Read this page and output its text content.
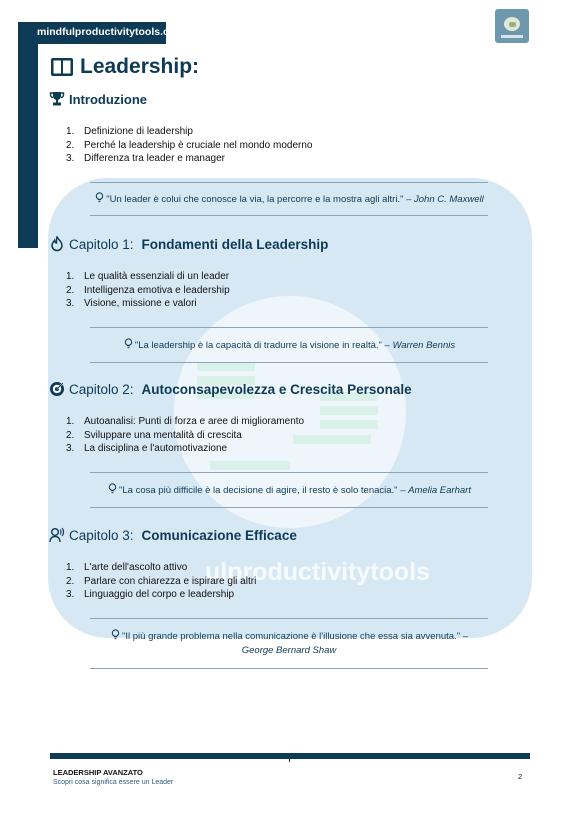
ulproductivitytools
mindfulproductivitytools.com
Leadership:
Introduzione
1. Definizione di leadership
2. Perché la leadership è cruciale nel mondo moderno
3. Differenza tra leader e manager
"Un leader è colui che conosce la via, la percorre e la mostra agli altri." – John C. Maxwell
Capitolo 1: Fondamenti della Leadership
1. Le qualità essenziali di un leader
2. Intelligenza emotiva e leadership
3. Visione, missione e valori
"La leadership è la capacità di tradurre la visione in realtà." – Warren Bennis
Capitolo 2: Autoconsapevolezza e Crescita Personale
1. Autoanalisi: Punti di forza e aree di miglioramento
2. Sviluppare una mentalità di crescita
3. La disciplina e l'automotivazione
"La cosa più difficile è la decisione di agire, il resto è solo tenacia." – Amelia Earhart
Capitolo 3: Comunicazione Efficace
1. L'arte dell'ascolto attivo
2. Parlare con chiarezza e ispirare gli altri
3. Linguaggio del corpo e leadership
"Il più grande problema nella comunicazione è l'illusione che essa sia avvenuta." –
George Bernard Shaw
LEADERSHIP AVANZATO
Scopri cosa significa essere un Leader
2
